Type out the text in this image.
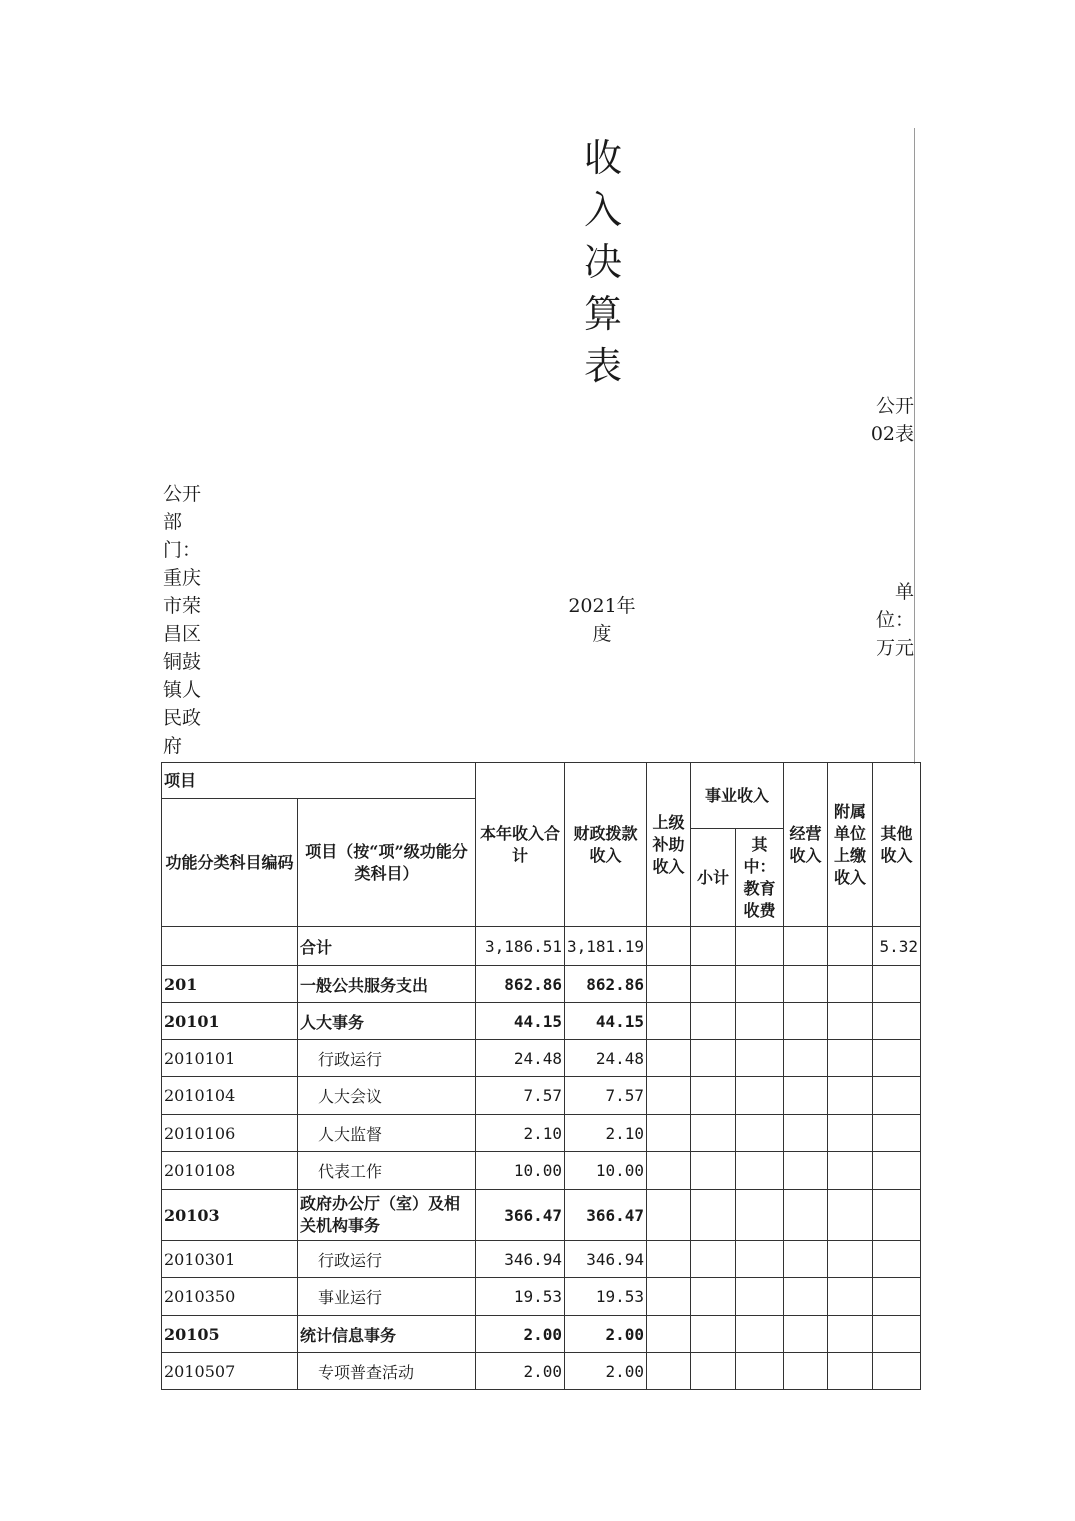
收
入
决
算
表
公开02表
公开部门：重庆市荣昌区铜鼓镇人民政府
2021年度
单位：万元
项目		本年收入合计	财政拨款收入	上级补助收入	事业收入		经营收入	附属单位上缴收入	其他收入
功能分类科目编码	项目（按“项”级功能分类科目）								
					小计	其中：教育收费			
	合计	3,186.51	3,181.19						5.32
201	一般公共服务支出	862.86	862.86						
20101	人大事务	44.15	44.15						
2010101	行政运行	24.48	24.48						
2010104	人大会议	7.57	7.57						
2010106	人大监督	2.10	2.10						
2010108	代表工作	10.00	10.00						
20103	政府办公厅（室）及相关机构事务	366.47	366.47						
2010301	行政运行	346.94	346.94						
2010350	事业运行	19.53	19.53						
20105	统计信息事务	2.00	2.00						
2010507	专项普查活动	2.00	2.00						
